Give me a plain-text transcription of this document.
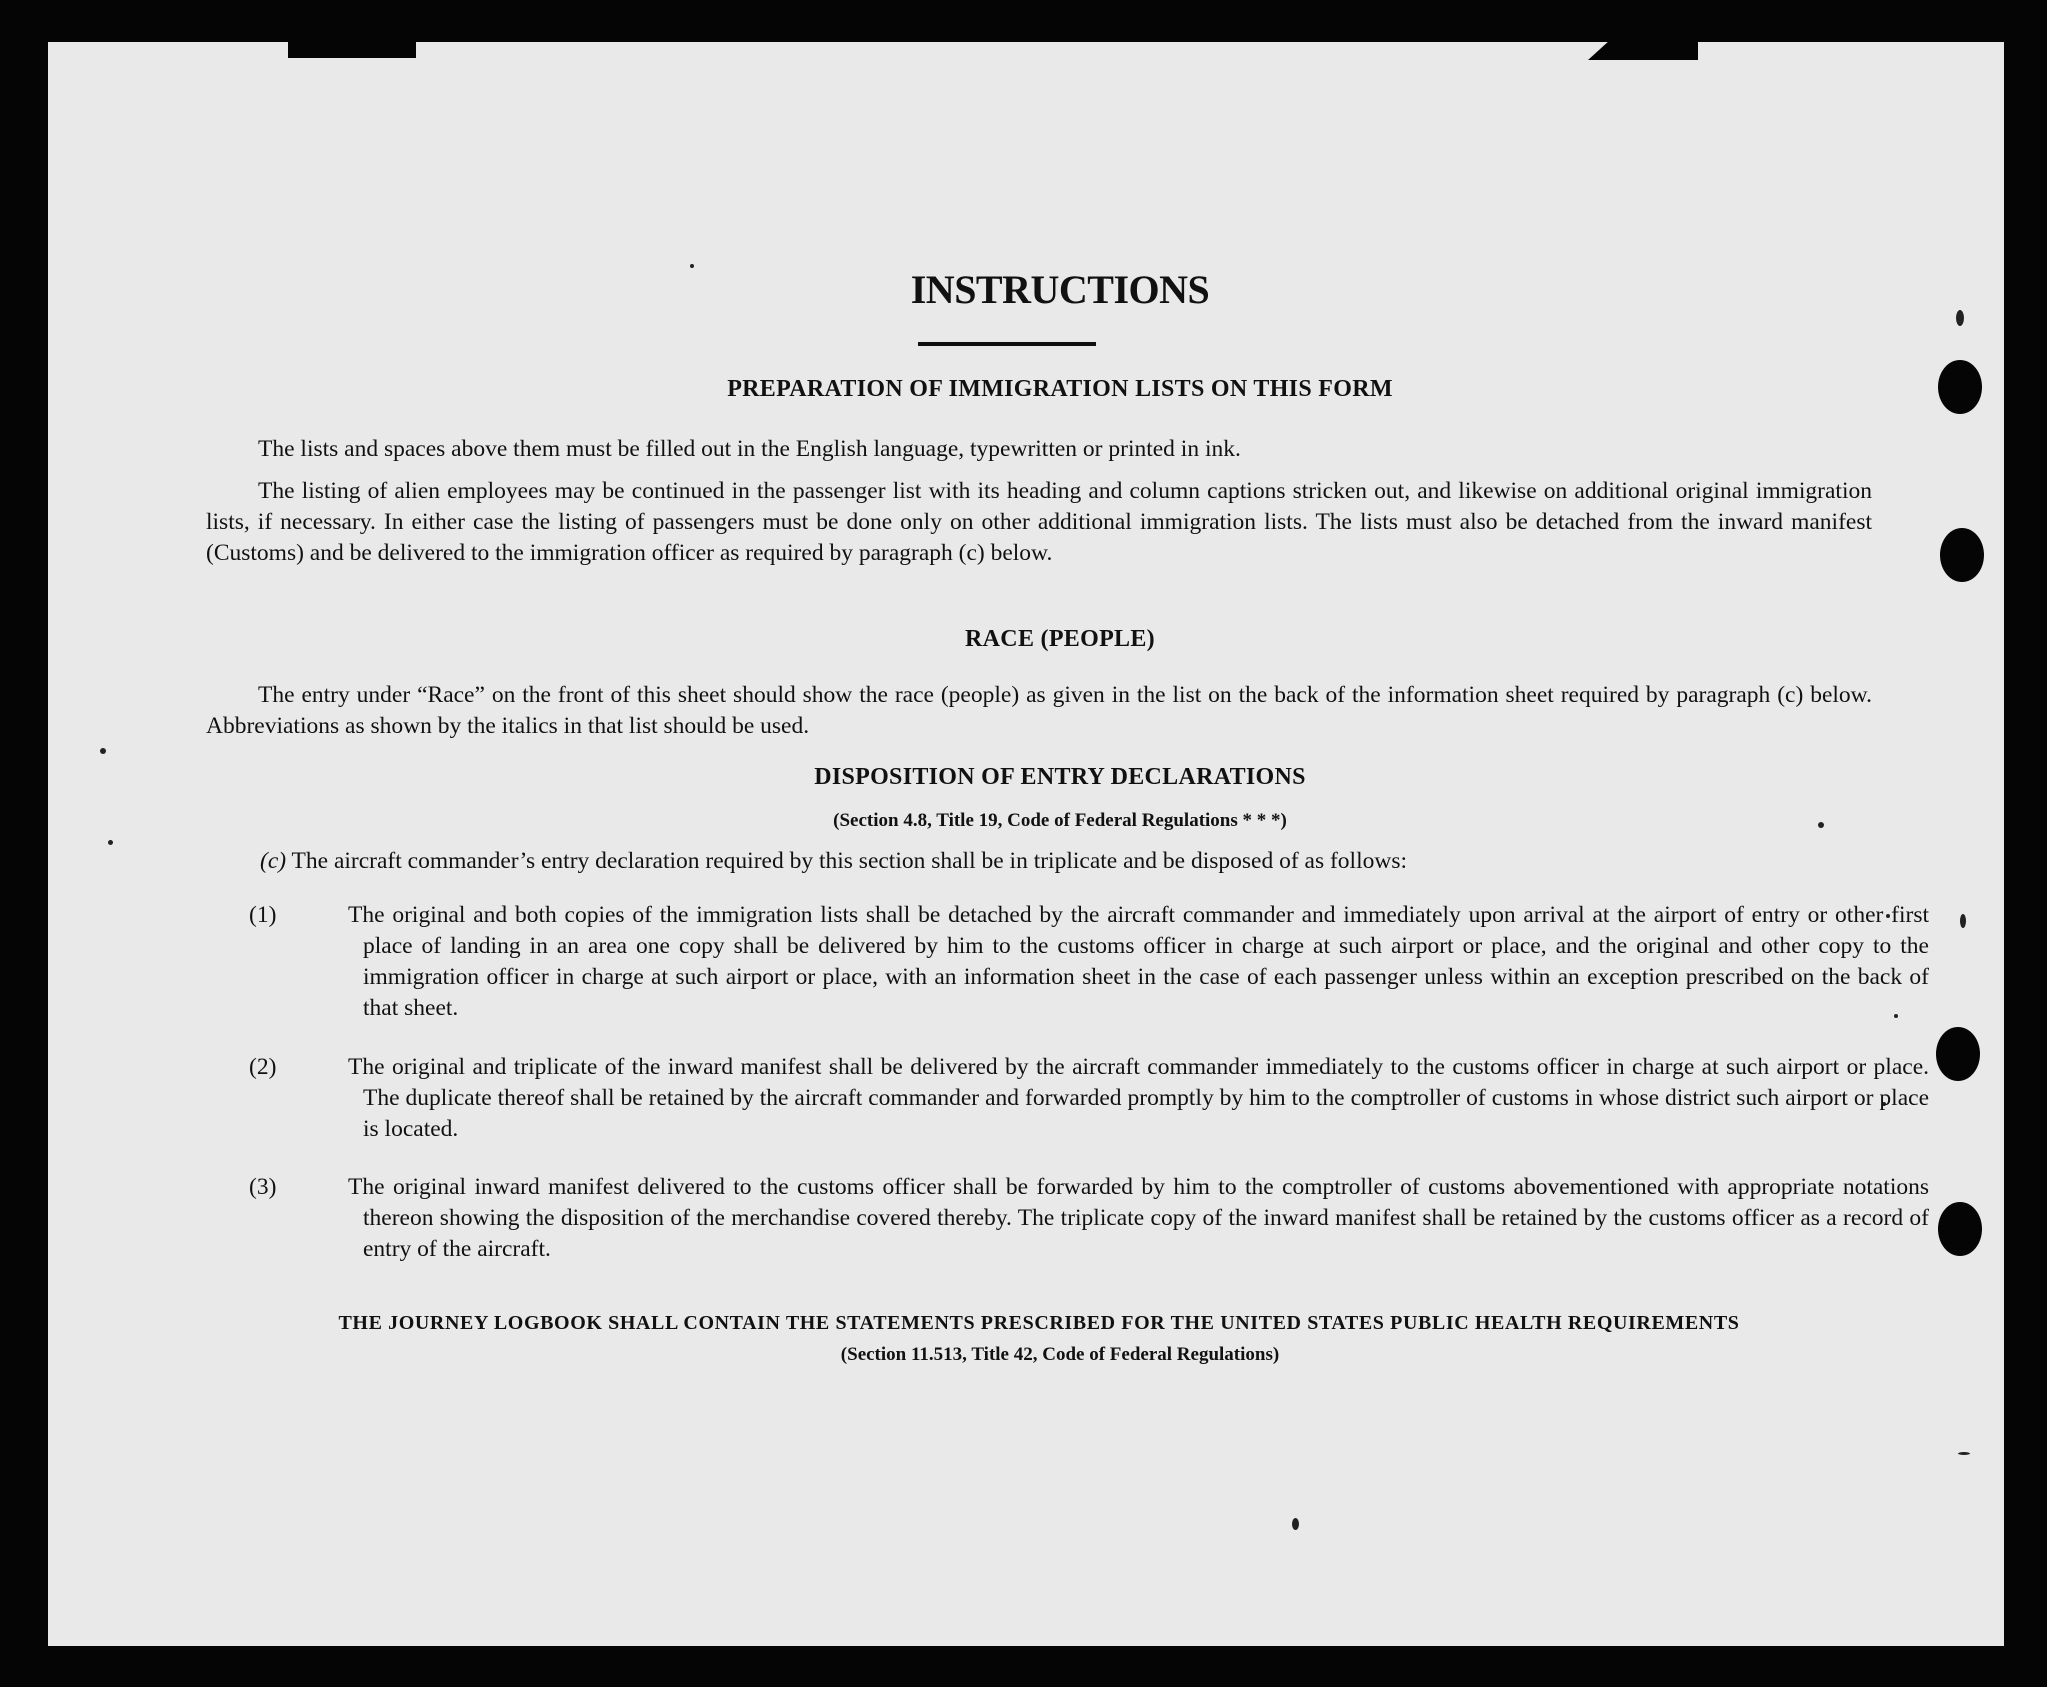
INSTRUCTIONS
PREPARATION OF IMMIGRATION LISTS ON THIS FORM
The lists and spaces above them must be filled out in the English language, typewritten or printed in ink.
The listing of alien employees may be continued in the passenger list with its heading and column captions stricken out, and likewise on additional original immigration lists, if necessary. In either case the listing of passengers must be done only on other additional immigration lists. The lists must also be detached from the inward manifest (Customs) and be delivered to the immigration officer as required by paragraph (c) below.
RACE (PEOPLE)
The entry under “Race” on the front of this sheet should show the race (people) as given in the list on the back of the information sheet required by paragraph (c) below. Abbreviations as shown by the italics in that list should be used.
DISPOSITION OF ENTRY DECLARATIONS
(Section 4.8, Title 19, Code of Federal Regulations * * *)
(c) The aircraft commander’s entry declaration required by this section shall be in triplicate and be disposed of as follows:
(1)	The original and both copies of the immigration lists shall be detached by the aircraft commander and immediately upon arrival at the airport of entry or other first place of landing in an area one copy shall be delivered by him to the customs officer in charge at such airport or place, and the original and other copy to the immigration officer in charge at such airport or place, with an information sheet in the case of each passenger unless within an exception prescribed on the back of that sheet.
(2)	The original and triplicate of the inward manifest shall be delivered by the aircraft commander immediately to the customs officer in charge at such airport or place. The duplicate thereof shall be retained by the aircraft commander and forwarded promptly by him to the comptroller of customs in whose district such airport or place is located.
(3)	The original inward manifest delivered to the customs officer shall be forwarded by him to the comptroller of customs abovementioned with appropriate notations thereon showing the disposition of the merchandise covered thereby. The triplicate copy of the inward manifest shall be retained by the customs officer as a record of entry of the aircraft.
THE JOURNEY LOGBOOK SHALL CONTAIN THE STATEMENTS PRESCRIBED FOR THE UNITED STATES PUBLIC HEALTH REQUIREMENTS
(Section 11.513, Title 42, Code of Federal Regulations)
